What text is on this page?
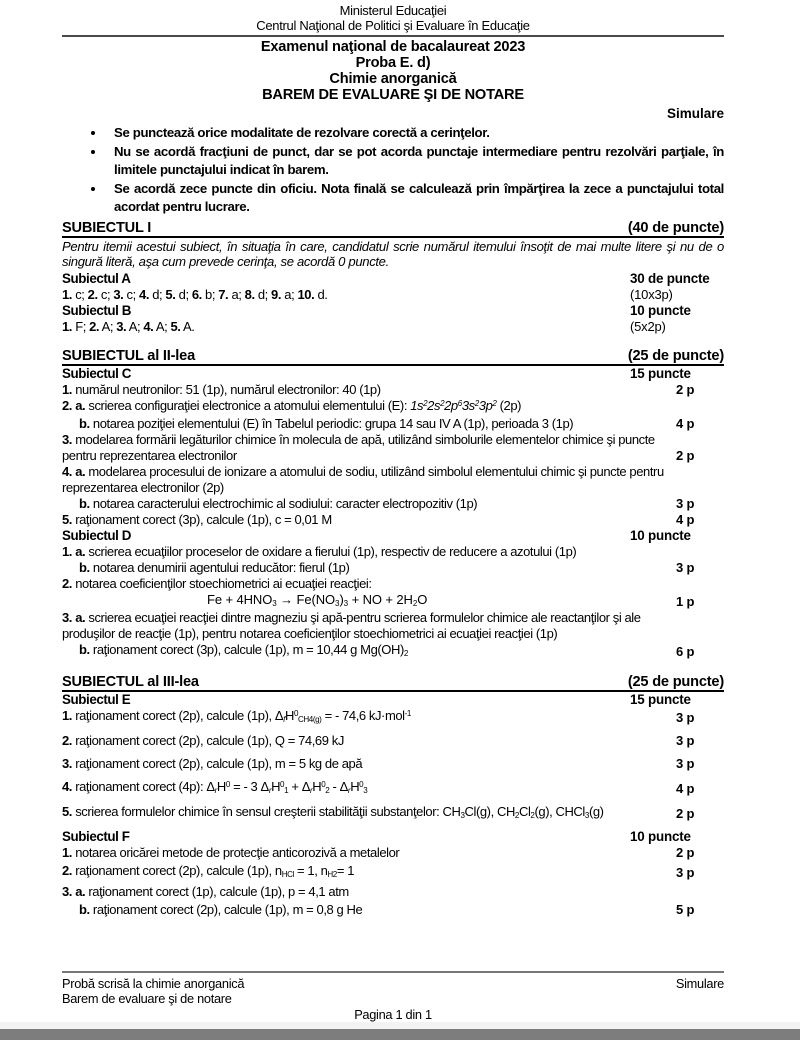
Ministerul Educaţiei
Centrul Naţional de Politici şi Evaluare în Educaţie
Examenul naţional de bacalaureat 2023
Proba E. d)
Chimie anorganică
BAREM DE EVALUARE ŞI DE NOTARE
Simulare
• Se punctează orice modalitate de rezolvare corectă a cerinţelor.
• Nu se acordă fracţiuni de punct, dar se pot acorda punctaje intermediare pentru rezolvări parţiale, în limitele punctajului indicat în barem.
• Se acordă zece puncte din oficiu. Nota finală se calculează prin împărţirea la zece a punctajului total acordat pentru lucrare.
SUBIECTUL I	(40 de puncte)
Pentru itemii acestui subiect, în situaţia în care, candidatul scrie numărul itemului însoţit de mai multe litere şi nu de o singură literă, aşa cum prevede cerinţa, se acordă 0 puncte.
Subiectul A	30 de puncte
1. c; 2. c; 3. c; 4. d; 5. d; 6. b; 7. a; 8. d; 9. a; 10. d.	(10x3p)
Subiectul B	10 puncte
1. F; 2. A; 3. A; 4. A; 5. A.	(5x2p)
SUBIECTUL al II-lea	(25 de puncte)
Subiectul C	15 puncte
1. numărul neutronilor: 51 (1p), numărul electronilor: 40 (1p)	2 p
2. a. scrierea configuraţiei electronice a atomului elementului (E): $1s^22s^22p^63s^23p^2$ (2p)
b. notarea poziţiei elementului (E) în Tabelul periodic: grupa 14 sau IV A (1p), perioada 3 (1p)	4 p
3. modelarea formării legăturilor chimice în molecula de apă, utilizând simbolurile elementelor chimice şi puncte pentru reprezentarea electronilor	2 p
4. a. modelarea procesului de ionizare a atomului de sodiu, utilizând simbolul elementului chimic şi puncte pentru reprezentarea electronilor (2p)
b. notarea caracterului electrochimic al sodiului: caracter electropozitiv (1p)	3 p
5. raţionament corect (3p), calcule (1p), c = 0,01 M	4 p
Subiectul D	10 puncte
1. a. scrierea ecuaţiilor proceselor de oxidare a fierului (1p), respectiv de reducere a azotului (1p)
b. notarea denumirii agentului reducător: fierul (1p)	3 p
2. notarea coeficienţilor stoechiometrici ai ecuaţiei reacţiei:
$Fe + 4HNO_3 \to Fe(NO_3)_3$ + NO + $2H_2O$	1 p
3. a. scrierea ecuaţiei reacţiei dintre magneziu şi apă-pentru scrierea formulelor chimice ale reactanţilor şi ale produşilor de reacţie (1p), pentru notarea coeficienţilor stoechiometrici ai ecuaţiei reacţiei (1p)
b. raţionament corect (3p), calcule (1p), m = 10,44 g $Mg(OH)_2$	6 p
SUBIECTUL al III-lea	(25 de puncte)
Subiectul E	15 puncte
1. raţionament corect (2p), calcule (1p), $\Delta_fH^0_{CH4(g)}$ = - 74,6 kJ·mol$^{-1}$	3 p
2. raţionament corect (2p), calcule (1p), Q = 74,69 kJ	3 p
3. raţionament corect (2p), calcule (1p), m = 5 kg de apă	3 p
4. raţionament corect (4p): $\Delta_rH^0$ = - 3 $\Delta_rH^0_1 + \Delta_rH^0_2 - \Delta_rH^0_3$	4 p
5. scrierea formulelor chimice în sensul creşterii stabilităţii substanţelor: $CH_3Cl(g)$, $CH_2Cl_2(g)$, CHCl$_3$(g)	2 p
Subiectul F	10 puncte
1. notarea oricărei metode de protecţie anticorozivă a metalelor	2 p
2. raţionament corect (2p), calcule (1p), $n_{HCl} = 1$, $n_{H2}= 1$	3 p
3. a. raţionament corect (1p), calcule (1p), p = 4,1 atm
b. raţionament corect (2p), calcule (1p), m = 0,8 g He	5 p
Probă scrisă la chimie anorganică	Simulare
Barem de evaluare şi de notare
Pagina 1 din 1
